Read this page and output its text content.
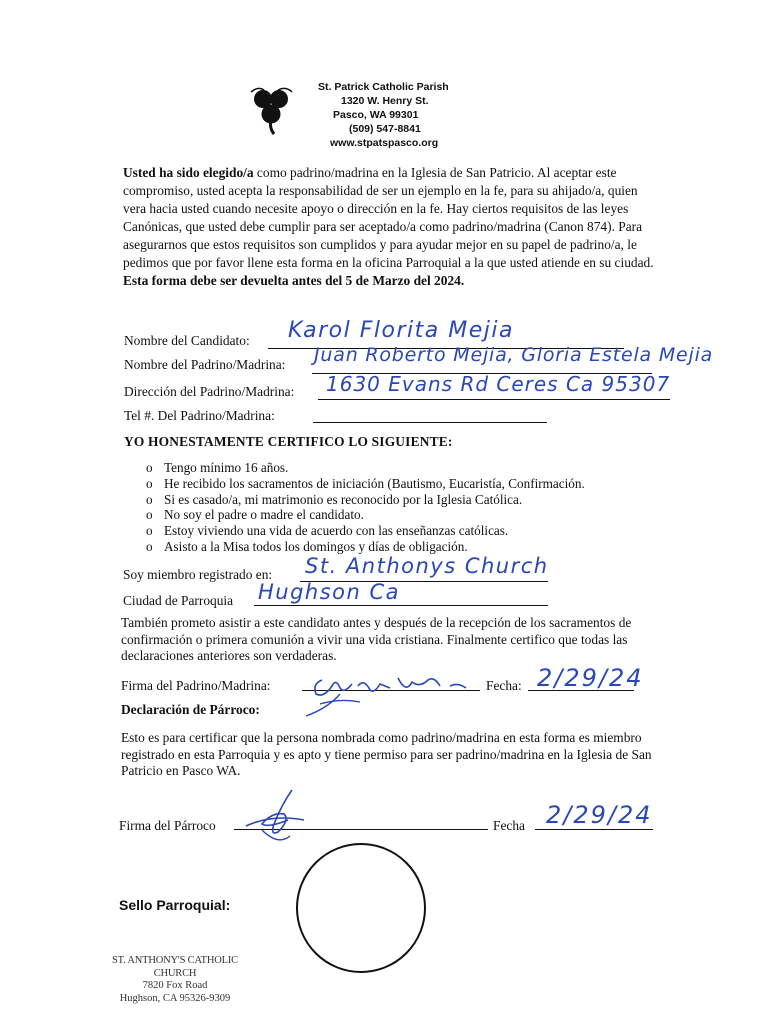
St. Patrick Catholic Parish
1320 W. Henry St.
Pasco, WA 99301
(509) 547-8841
www.stpatspasco.org
Usted ha sido elegido/a como padrino/madrina en la Iglesia de San Patricio. Al aceptar este compromiso, usted acepta la responsabilidad de ser un ejemplo en la fe, para su ahijado/a, quien vera hacia usted cuando necesite apoyo o dirección en la fe. Hay ciertos requisitos de las leyes Canónicas, que usted debe cumplir para ser aceptado/a como padrino/madrina (Canon 874). Para asegurarnos que estos requisitos son cumplidos y para ayudar mejor en su papel de padrino/a, le pedimos que por favor llene esta forma en la oficina Parroquial a la que usted atiende en su ciudad. Esta forma debe ser devuelta antes del 5 de Marzo del 2024.
Nombre del Candidato: Karol Florita Mejia
Nombre del Padrino/Madrina: Juan Roberto Mejia, Gloria Estela Mejia
Dirección del Padrino/Madrina: 1630 Evans Rd Ceres Ca 95307
Tel #. Del Padrino/Madrina:
YO HONESTAMENTE CERTIFICO LO SIGUIENTE:
o Tengo mínimo 16 años.
o He recibido los sacramentos de iniciación (Bautismo, Eucaristía, Confirmación.
o Si es casado/a, mi matrimonio es reconocido por la Iglesia Católica.
o No soy el padre o madre el candidato.
o Estoy viviendo una vida de acuerdo con las enseñanzas católicas.
o Asisto a la Misa todos los domingos y días de obligación.
Soy miembro registrado en: St. Anthonys Church
Ciudad de Parroquia Hughson Ca
También prometo asistir a este candidato antes y después de la recepción de los sacramentos de confirmación o primera comunión a vivir una vida cristiana. Finalmente certifico que todas las declaraciones anteriores son verdaderas.
Firma del Padrino/Madrina:	Fecha: 2/29/24
Declaración de Párroco:
Esto es para certificar que la persona nombrada como padrino/madrina en esta forma es miembro registrado en esta Parroquia y es apto y tiene permiso para ser padrino/madrina en la Iglesia de San Patricio en Pasco WA.
Firma del Párroco	Fecha 2/29/24
Sello Parroquial:
ST. ANTHONY'S CATHOLIC CHURCH
7820 Fox Road
Hughson, CA 95326-9309
